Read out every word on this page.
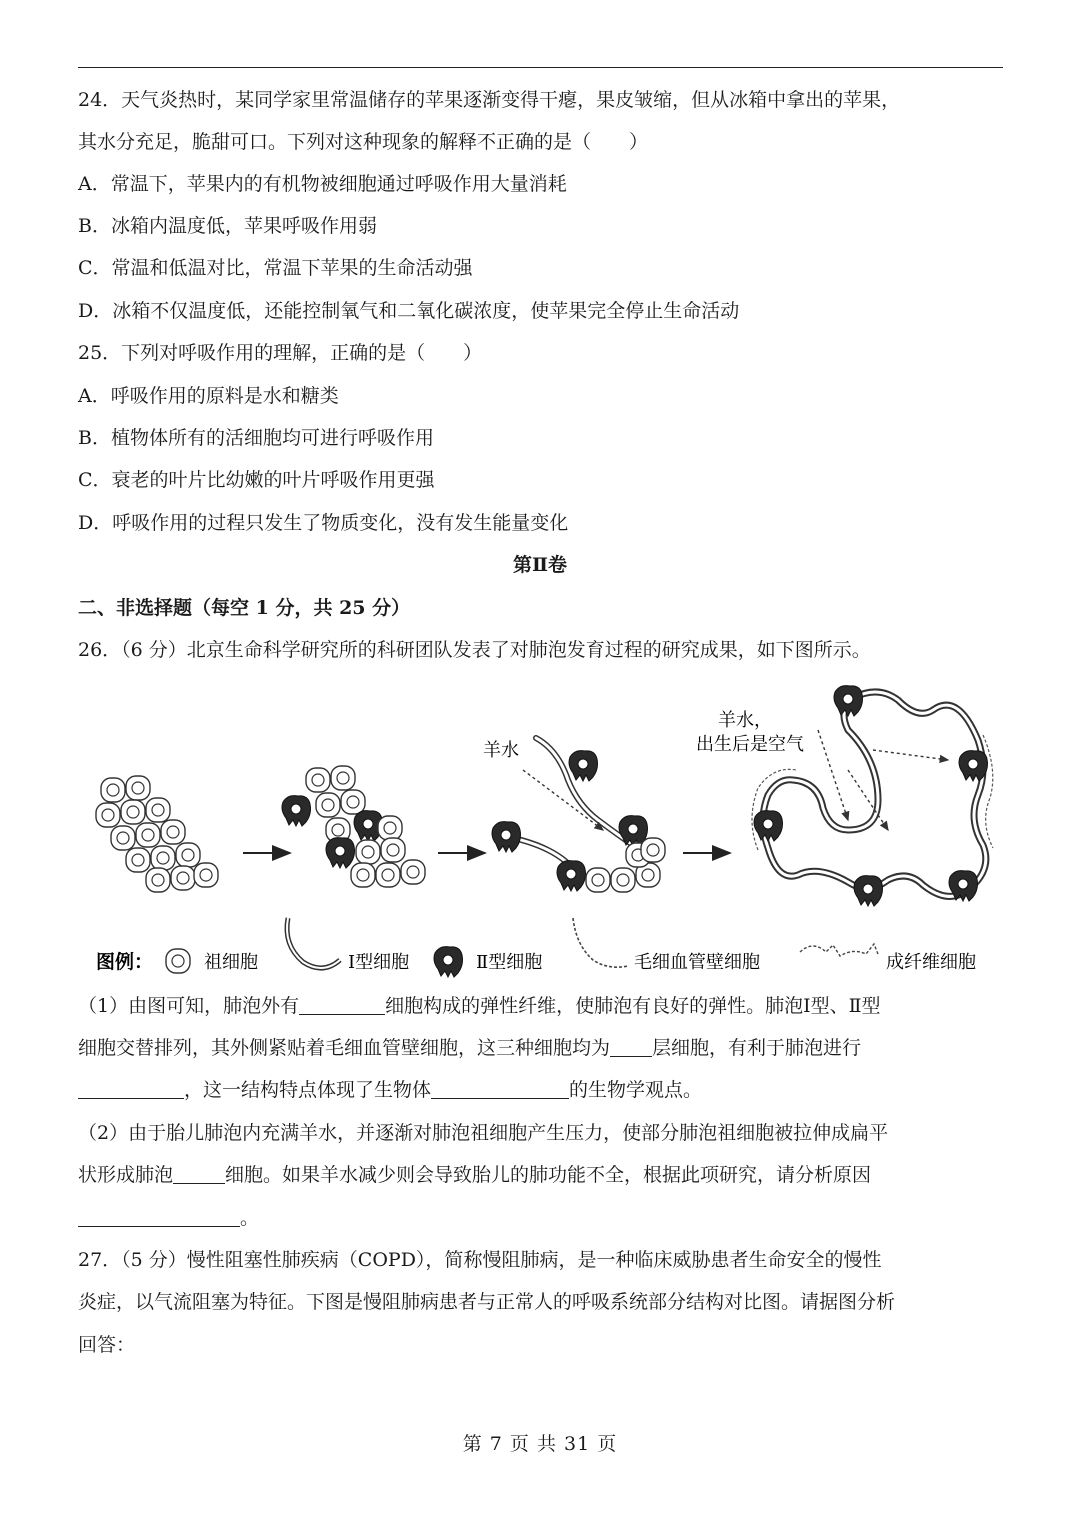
24．天气炎热时，某同学家里常温储存的苹果逐渐变得干瘪，果皮皱缩，但从冰箱中拿出的苹果，
其水分充足，脆甜可口。下列对这种现象的解释不正确的是（　　）
A．常温下，苹果内的有机物被细胞通过呼吸作用大量消耗
B．冰箱内温度低，苹果呼吸作用弱
C．常温和低温对比，常温下苹果的生命活动强
D．冰箱不仅温度低，还能控制氧气和二氧化碳浓度，使苹果完全停止生命活动
25．下列对呼吸作用的理解，正确的是（　　）
A．呼吸作用的原料是水和糖类
B．植物体所有的活细胞均可进行呼吸作用
C．衰老的叶片比幼嫩的叶片呼吸作用更强
D．呼吸作用的过程只发生了物质变化，没有发生能量变化
第Ⅱ卷
二、非选择题（每空 1 分，共 25 分）
26．（6 分）北京生命科学研究所的科研团队发表了对肺泡发育过程的研究成果，如下图所示。
羊水
羊水，
出生后是空气
图例：	祖细胞	Ⅰ型细胞	Ⅱ型细胞	毛细血管壁细胞	成纤维细胞
（1）由图可知，肺泡外有	细胞构成的弹性纤维，使肺泡有良好的弹性。肺泡Ⅰ型、Ⅱ型
细胞交替排列，其外侧紧贴着毛细血管壁细胞，这三种细胞均为 层细胞，有利于肺泡进行
，这一结构特点体现了生物体	的生物学观点。
（2）由于胎儿肺泡内充满羊水，并逐渐对肺泡祖细胞产生压力，使部分肺泡祖细胞被拉伸成扁平
状形成肺泡	细胞。如果羊水减少则会导致胎儿的肺功能不全，根据此项研究，请分析原因
。
27．（5 分）慢性阻塞性肺疾病（COPD），简称慢阻肺病，是一种临床威胁患者生命安全的慢性
炎症，以气流阻塞为特征。下图是慢阻肺病患者与正常人的呼吸系统部分结构对比图。请据图分析
回答：
第 7 页 共 31 页
